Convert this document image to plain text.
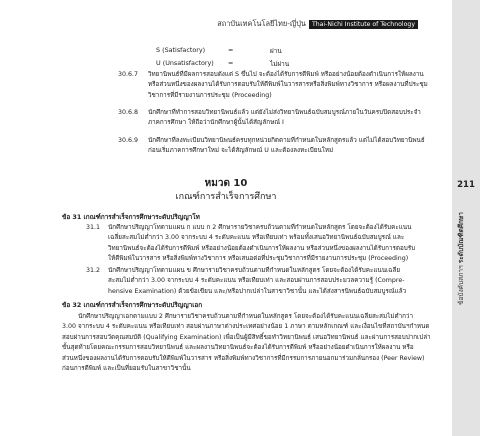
สถาบันเทคโนโลยีไทย-ญี่ปุ่น Thai-Nichi Institute of Technology
S (Satisfactory)	=	ผ่าน
U (Unsatisfactory) =	ไม่ผ่าน
30.6.7 วิทยานิพนธ์ที่มีผลการสอบดังแต่ S ขึ้นไป จะต้องได้รับการตีพิมพ์ หรืออย่างน้อยต้องดำเนินการให้ผลงาน
หรือส่วนหนึ่งของผลงานได้รับการตอบรับให้ตีพิมพ์ในวารสารหรือสิ่งพิมพ์ทางวิชาการ หรือผลงานที่ประชุม
วิชาการที่มีรายงานการประชุม (Proceeding)
30.6.8 นักศึกษาที่ทำการสอบวิทยานิพนธ์แล้ว แต่ยังไม่ส่งวิทยานิพนธ์ฉบับสมบูรณ์ภายในวันครบปิดสอบประจำ
ภาคการศึกษา ให้ถือว่านักศึกษาผู้นั้นได้สัญลักษณ์ I
30.6.9 นักศึกษาที่ลงทะเบียนวิทยานิพนธ์ครบทุกหน่วยกิตตามที่กำหนดในหลักสูตรแล้ว แต่ไม่ได้สอบวิทยานิพนธ์
ก่อนเริ่มภาคการศึกษาใหม่ จะได้สัญลักษณ์ U และต้องลงทะเบียนใหม่
หมวด 10
เกณฑ์การสำเร็จการศึกษา
ข้อ 31 เกณฑ์การสำเร็จการศึกษาระดับปริญญาโท
31.1 นักศึกษาปริญญาโทตามแผน ก แบบ ก 2 ศึกษารายวิชาครบถ้วนตามที่กำหนดในหลักสูตร โดยจะต้องได้รับคะแนน
เฉลี่ยสะสมไม่ต่ำกว่า 3.00 จากระบบ 4 ระดับคะแนน หรือเทียบเท่า พร้อมทั้งเสนอวิทยานิพนธ์ฉบับสมบูรณ์ และ
วิทยานิพนธ์จะต้องได้รับการตีพิมพ์ หรืออย่างน้อยต้องดำเนินการให้ผลงาน หรือส่วนหนึ่งของผลงานได้รับการตอบรับ
ให้ตีพิมพ์ในวารสาร หรือสิ่งพิมพ์ทางวิชาการ หรือเสนอต่อที่ประชุมวิชาการที่มีรายงานการประชุม (Proceeding)
31.2 นักศึกษาปริญญาโทตามแผน ข ศึกษารายวิชาครบถ้วนตามที่กำหนดในหลักสูตร โดยจะต้องได้รับคะแนนเฉลี่ย
สะสมไม่ต่ำกว่า 3.00 จากระบบ 4 ระดับคะแนน หรือเทียบเท่า และสอบผ่านการสอบประมวลความรู้ (Compre-
hensive Examination) ด้วยข้อเขียน และ/หรือปากเปล่าในสาขาวิชานั้น และได้ส่งสารนิพนธ์ฉบับสมบูรณ์แล้ว
ข้อ 32 เกณฑ์การสำเร็จการศึกษาระดับปริญญาเอก
นักศึกษาปริญญาเอกตามแบบ 2 ศึกษารายวิชาครบถ้วนตามที่กำหนดในหลักสูตร โดยจะต้องได้รับคะแนนเฉลี่ยสะสมไม่ต่ำกว่า
3.00 จากระบบ 4 ระดับคะแนน หรือเทียบเท่า สอบผ่านภาษาต่างประเทศอย่างน้อย 1 ภาษา ตามหลักเกณฑ์ และเงื่อนไขที่สถาบันฯกำหนด
สอบผ่านการสอบวัดคุณสมบัติ (Qualifying Examination) เพื่อเป็นผู้มีสิทธิ์ขอทำวิทยานิพนธ์ เสนอวิทยานิพนธ์ และผ่านการสอบปากเปล่า
ขั้นสุดท้ายโดยคณะกรรมการสอบวิทยานิพนธ์ และผลงานวิทยานิพนธ์จะต้องได้รับการตีพิมพ์ หรืออย่างน้อยดำเนินการให้ผลงาน หรือ
ส่วนหนึ่งของผลงานได้รับการตอบรับให้ตีพิมพ์ในวารสาร หรือสิ่งพิมพ์ทางวิชาการที่มีกรรมการภายนอกมาร่วมกลั่นกรอง (Peer Review)
ก่อนการตีพิมพ์ และเป็นที่ยอมรับในสาขาวิชานั้น
211
ข้อบังคับสภาฯ ระดับบัณฑิตศึกษา
